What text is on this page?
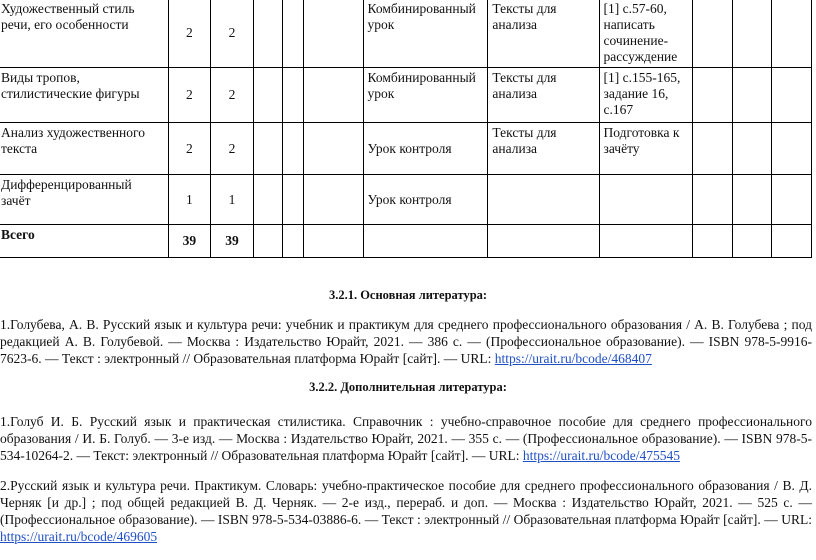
Художественный стиль речи, его особенности	2	2				Комбинированный урок	Тексты для анализа	[1] с.57-60, написать сочинение-рассуждение			
Виды тропов, стилистические фигуры	2	2				Комбинированный урок	Тексты для анализа	[1] с.155-165, задание 16, с.167			
Анализ художественного текста	2	2				Урок контроля	Тексты для анализа	Подготовка к зачёту			
Дифференцированный зачёт	1	1				Урок контроля					
Всего	39	39									
3.2.1. Основная литература:

1.Голубева, А. В. Русский язык и культура речи: учебник и практикум для среднего профессионального образования / А. В. Голубева ; под редакцией А. В. Голубевой. — Москва : Издательство Юрайт, 2021. — 386 с. — (Профессиональное образование). — ISBN 978-5-9916-7623-6. — Текст : электронный // Образовательная платформа Юрайт [сайт]. — URL: https://urait.ru/bcode/468407

3.2.2. Дополнительная литература:

1.Голуб И. Б. Русский язык и практическая стилистика. Справочник : учебно-справочное пособие для среднего профессионального образования / И. Б. Голуб. — 3-е изд. — Москва : Издательство Юрайт, 2021. — 355 с. — (Профессиональное образование). — ISBN 978-5-534-10264-2. — Текст: электронный // Образовательная платформа Юрайт [сайт]. — URL: https://urait.ru/bcode/475545

2.Русский язык и культура речи. Практикум. Словарь: учебно-практическое пособие для среднего профессионального образования / В. Д. Черняк [и др.] ; под общей редакцией В. Д. Черняк. — 2-е изд., перераб. и доп. — Москва : Издательство Юрайт, 2021. — 525 с. — (Профессиональное образование). — ISBN 978-5-534-03886-6. — Текст : электронный // Образовательная платформа Юрайт [сайт]. — URL: https://urait.ru/bcode/469605
